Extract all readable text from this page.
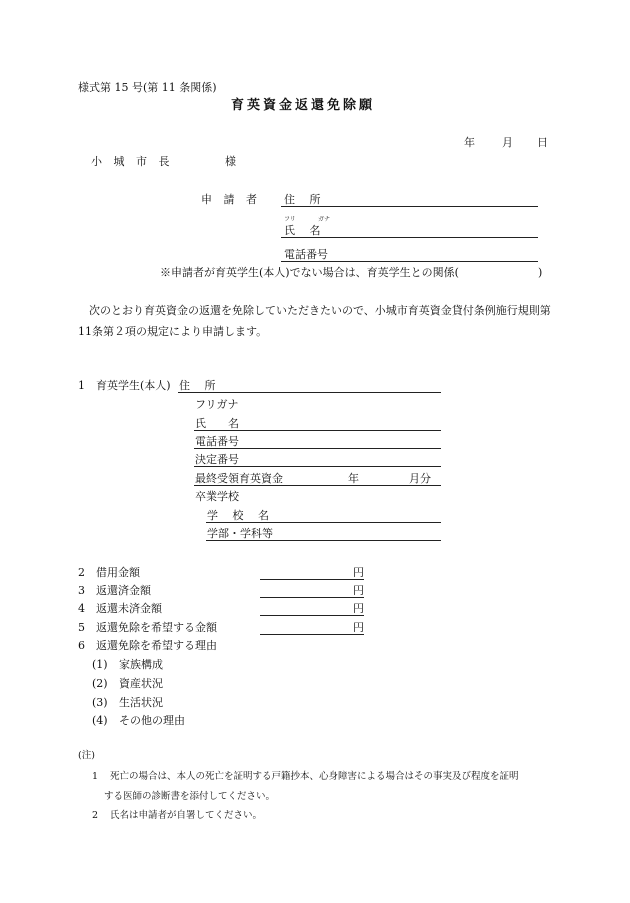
様式第 15 号(第 11 条関係)
育英資金返還免除願
年 月 日
小 城 市 長	様
申 請 者 住　 所
フリ	ガナ
氏　 名
電話番号
※申請者が育英学生(本人)でない場合は、育英学生との関係(	)
次のとおり育英資金の返還を免除していただきたいので、小城市育英資金貸付条例施行規則第11条第２項の規定により申請します。
1 育英学生(本人) 住　 所
フリガナ
氏　　名
電話番号
決定番号
最終受領育英資金	年	月分
卒業学校
学　 校　 名
学部・学科等
2 借用金額	円
3 返還済金額	円
4 返還未済金額	円
5 返還免除を希望する金額	円
6 返還免除を希望する理由
(1) 家族構成
(2) 資産状況
(3) 生活状況
(4) その他の理由
(注)
1 死亡の場合は、本人の死亡を証明する戸籍抄本、心身障害による場合はその事実及び程度を証明
する医師の診断書を添付してください。
2 氏名は申請者が自署してください。
